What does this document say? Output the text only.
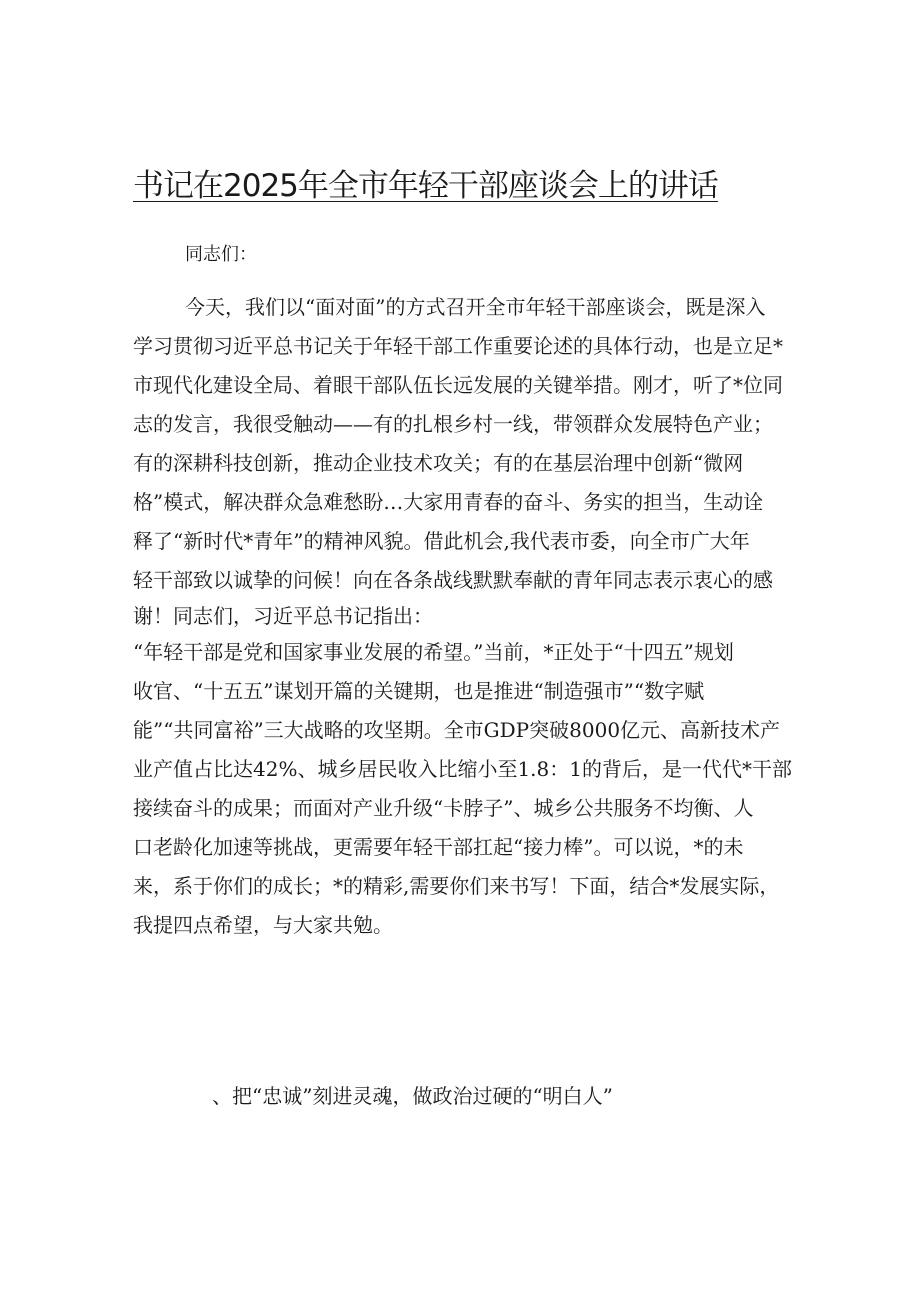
书记在2025年全市年轻干部座谈会上的讲话

同志们：

今天，我们以“面对面”的方式召开全市年轻干部座谈会，既是深入
学习贯彻习近平总书记关于年轻干部工作重要论述的具体行动，也是立足*
市现代化建设全局、着眼干部队伍长远发展的关键举措。刚才，听了*位同
志的发言，我很受触动——有的扎根乡村一线，带领群众发展特色产业；
有的深耕科技创新，推动企业技术攻关；有的在基层治理中创新“微网
格”模式，解决群众急难愁盼…大家用青春的奋斗、务实的担当，生动诠
释了“新时代*青年”的精神风貌。借此机会,我代表市委，向全市广大年
轻干部致以诚挚的问候！向在各条战线默默奉献的青年同志表示衷心的感
谢！同志们，习近平总书记指出：
“年轻干部是党和国家事业发展的希望。”当前，*正处于“十四五”规划
收官、“十五五”谋划开篇的关键期，也是推进“制造强市”“数字赋
能”“共同富裕”三大战略的攻坚期。全市GDP突破8000亿元、高新技术产
业产值占比达42%、城乡居民收入比缩小至1.8：1的背后，是一代代*干部
接续奋斗的成果；而面对产业升级“卡脖子”、城乡公共服务不均衡、人
口老龄化加速等挑战，更需要年轻干部扛起“接力棒”。可以说，*的未
来，系于你们的成长；*的精彩,需要你们来书写！下面，结合*发展实际，
我提四点希望，与大家共勉。
、把“忠诚”刻进灵魂，做政治过硬的“明白人”
